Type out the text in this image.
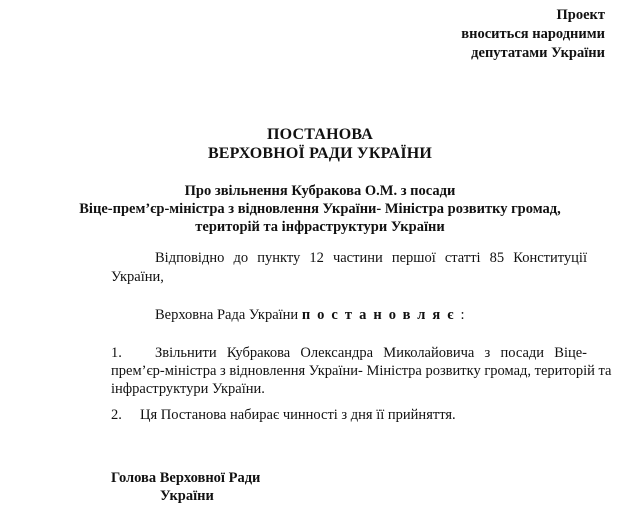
Проект
вноситься народними
депутатами України
ПОСТАНОВА
ВЕРХОВНОЇ РАДИ УКРАЇНИ
Про звільнення Кубракова О.М. з посади
Віце-прем’єр-міністра з відновлення України- Міністра розвитку громад,
територій та інфраструктури України
Відповідно до пункту 12 частини першої статті 85 Конституції
України,
Верховна Рада України постановляє:
1. Звільнити Кубракова Олександра Миколайовича з посади Віце-
прем’єр-міністра з відновлення України- Міністра розвитку громад, територій та
інфраструктури України.
2. Ця Постанова набирає чинності з дня її прийняття.
Голова Верховної Ради
України
